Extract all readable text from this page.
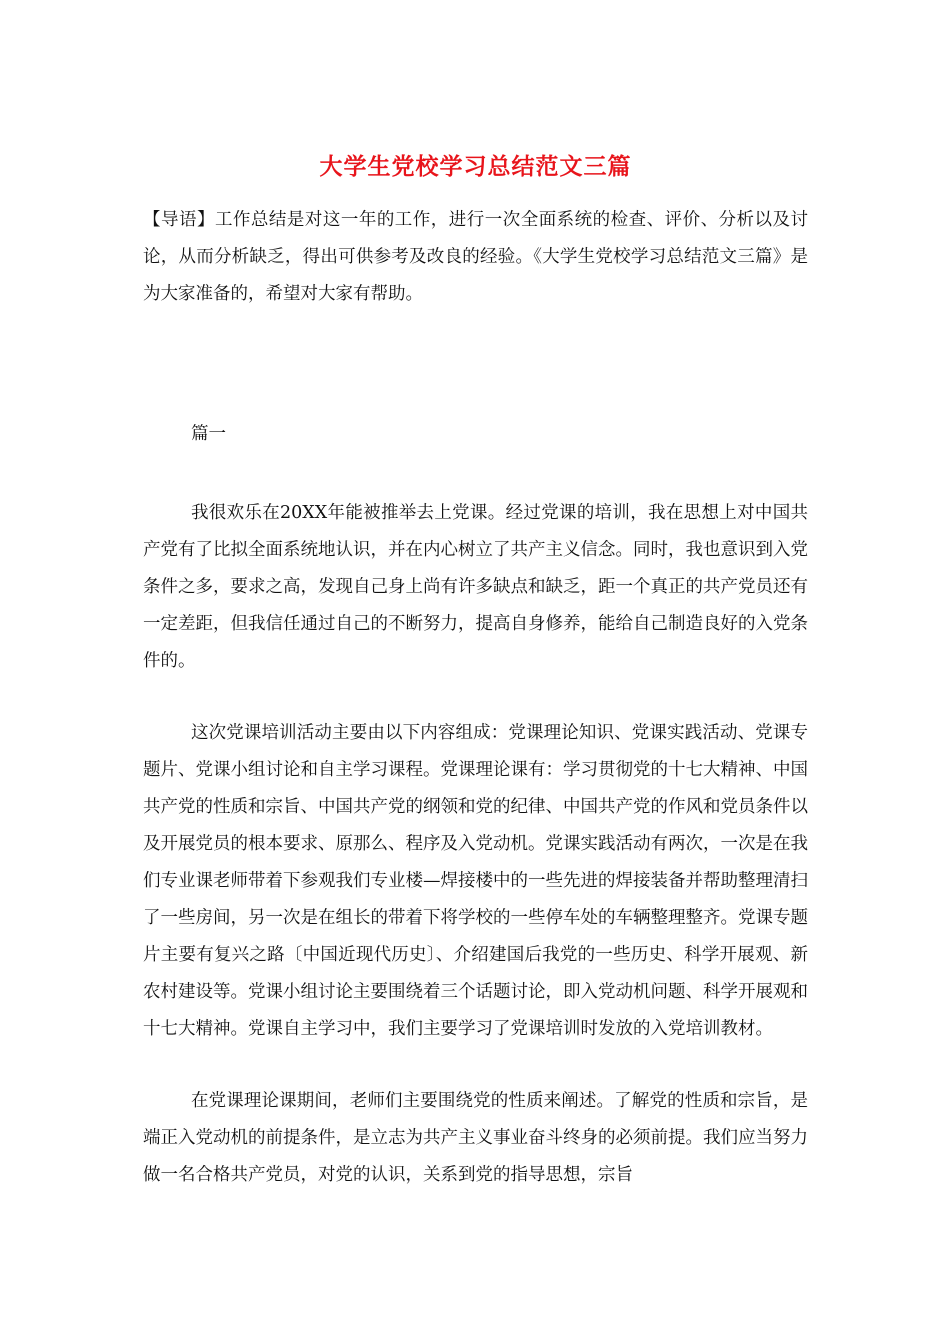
大学生党校学习总结范文三篇

【导语】工作总结是对这一年的工作，进行一次全面系统的检查、评价、分析以及讨论，从而分析缺乏，得出可供参考及改良的经验。《大学生党校学习总结范文三篇》是为大家准备的，希望对大家有帮助。

篇一

我很欢乐在20XX年能被推举去上党课。经过党课的培训，我在思想上对中国共产党有了比拟全面系统地认识，并在内心树立了共产主义信念。同时，我也意识到入党条件之多，要求之高，发现自己身上尚有许多缺点和缺乏，距一个真正的共产党员还有一定差距，但我信任通过自己的不断努力，提高自身修养，能给自己制造良好的入党条件的。

这次党课培训活动主要由以下内容组成：党课理论知识、党课实践活动、党课专题片、党课小组讨论和自主学习课程。党课理论课有：学习贯彻党的十七大精神、中国共产党的性质和宗旨、中国共产党的纲领和党的纪律、中国共产党的作风和党员条件以及开展党员的根本要求、原那么、程序及入党动机。党课实践活动有两次，一次是在我们专业课老师带着下参观我们专业楼—焊接楼中的一些先进的焊接装备并帮助整理清扫了一些房间，另一次是在组长的带着下将学校的一些停车处的车辆整理整齐。党课专题片主要有复兴之路〔中国近现代历史〕、介绍建国后我党的一些历史、科学开展观、新农村建设等。党课小组讨论主要围绕着三个话题讨论，即入党动机问题、科学开展观和十七大精神。党课自主学习中，我们主要学习了党课培训时发放的入党培训教材。

在党课理论课期间，老师们主要围绕党的性质来阐述。了解党的性质和宗旨，是端正入党动机的前提条件，是立志为共产主义事业奋斗终身的必须前提。我们应当努力做一名合格共产党员，对党的认识，关系到党的指导思想，宗旨
